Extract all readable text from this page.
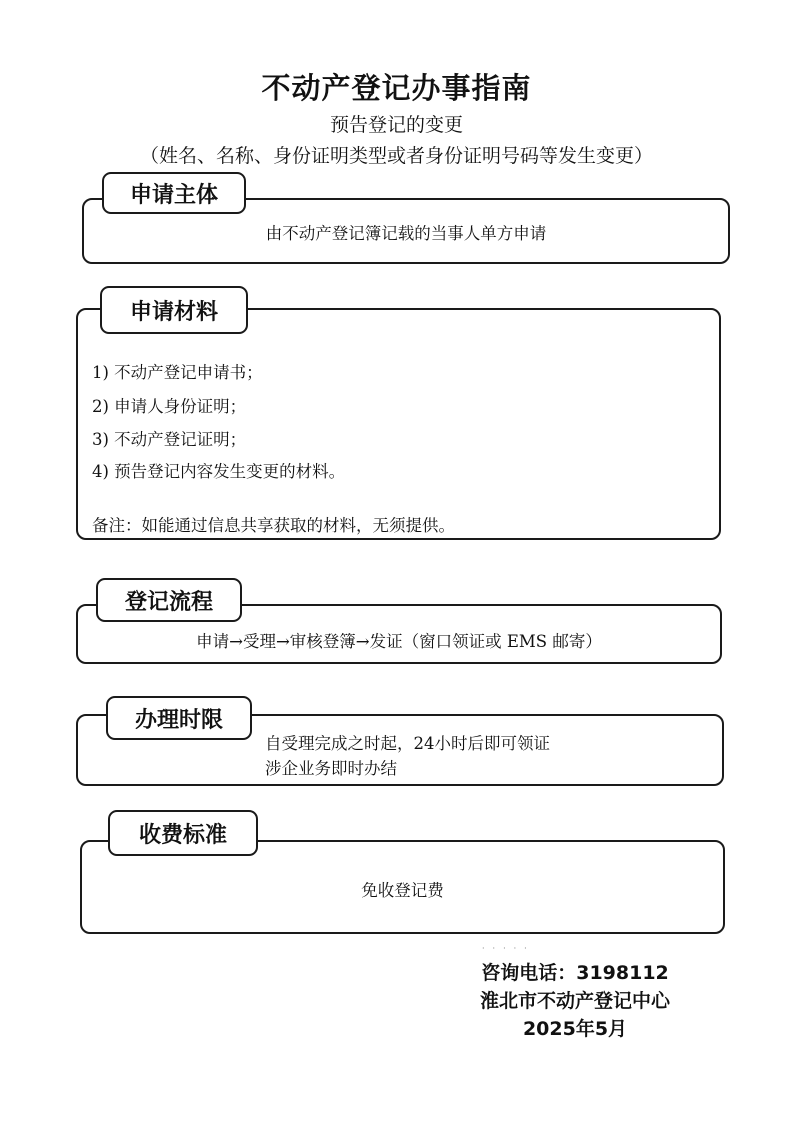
不动产登记办事指南
预告登记的变更
（姓名、名称、身份证明类型或者身份证明号码等发生变更）
申请主体
由不动产登记簿记载的当事人单方申请
申请材料
1) 不动产登记申请书；
2) 申请人身份证明；
3) 不动产登记证明；
4) 预告登记内容发生变更的材料。
备注：如能通过信息共享获取的材料，无须提供。
登记流程
申请→受理→审核登簿→发证（窗口领证或 EMS 邮寄）
办理时限
自受理完成之时起，24小时后即可领证
涉企业务即时办结
收费标准
免收登记费
·····
咨询电话：3198112
淮北市不动产登记中心
2025年5月
